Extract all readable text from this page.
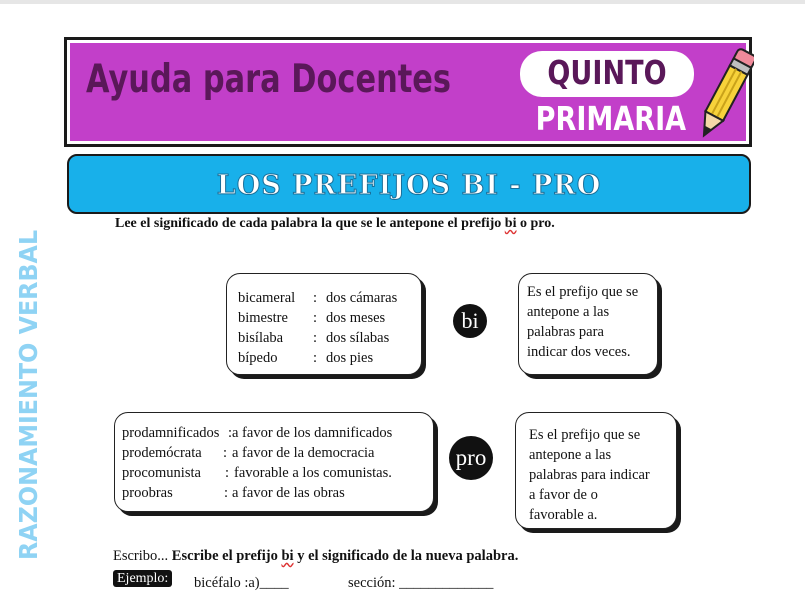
Ayuda para Docentes	QUINTO
PRIMARIA
LOS PREFIJOS BI - PRO
RAZONAMIENTO VERBAL
Lee el significado de cada palabra la que se le antepone el prefijo bi o pro.
bicameral	: dos cámaras
bimestre	: dos meses
bisílaba	: dos sílabas
bípedo	: dos pies
bi
Es el prefijo que se
antepone a las
palabras para
indicar dos veces.
prodamnificados : a favor de los damnificados
prodemócrata	: a favor de la democracia
procomunista	: favorable a los comunistas.
proobras	: a favor de las obras
pro
Es el prefijo que se
antepone a las
palabras para indicar
a favor de o
favorable a.
Escribo... Escribe el prefijo bi y el significado de la nueva palabra.
Ejemplo: bicéfalo :a)____	sección: _____________
